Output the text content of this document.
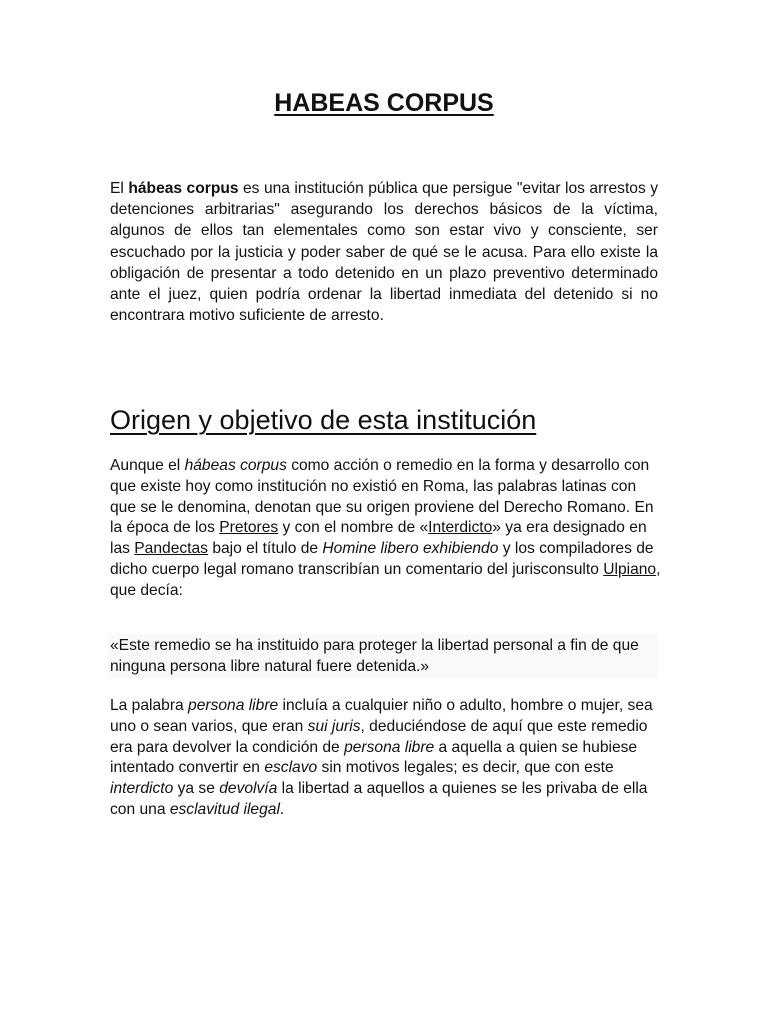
HABEAS CORPUS

El hábeas corpus es una institución pública que persigue "evitar los arrestos y detenciones arbitrarias" asegurando los derechos básicos de la víctima, algunos de ellos tan elementales como son estar vivo y consciente, ser escuchado por la justicia y poder saber de qué se le acusa. Para ello existe la obligación de presentar a todo detenido en un plazo preventivo determinado ante el juez, quien podría ordenar la libertad inmediata del detenido si no encontrara motivo suficiente de arresto.

Origen y objetivo de esta institución

Aunque el hábeas corpus como acción o remedio en la forma y desarrollo con que existe hoy como institución no existió en Roma, las palabras latinas con que se le denomina, denotan que su origen proviene del Derecho Romano. En la época de los Pretores y con el nombre de «Interdicto» ya era designado en las Pandectas bajo el título de Homine libero exhibiendo y los compiladores de dicho cuerpo legal romano transcribían un comentario del jurisconsulto Ulpiano, que decía:

«Este remedio se ha instituido para proteger la libertad personal a fin de que ninguna persona libre natural fuere detenida.»

La palabra persona libre incluía a cualquier niño o adulto, hombre o mujer, sea uno o sean varios, que eran sui juris, deduciéndose de aquí que este remedio era para devolver la condición de persona libre a aquella a quien se hubiese intentado convertir en esclavo sin motivos legales; es decir, que con este interdicto ya se devolvía la libertad a aquellos a quienes se les privaba de ella con una esclavitud ilegal.
